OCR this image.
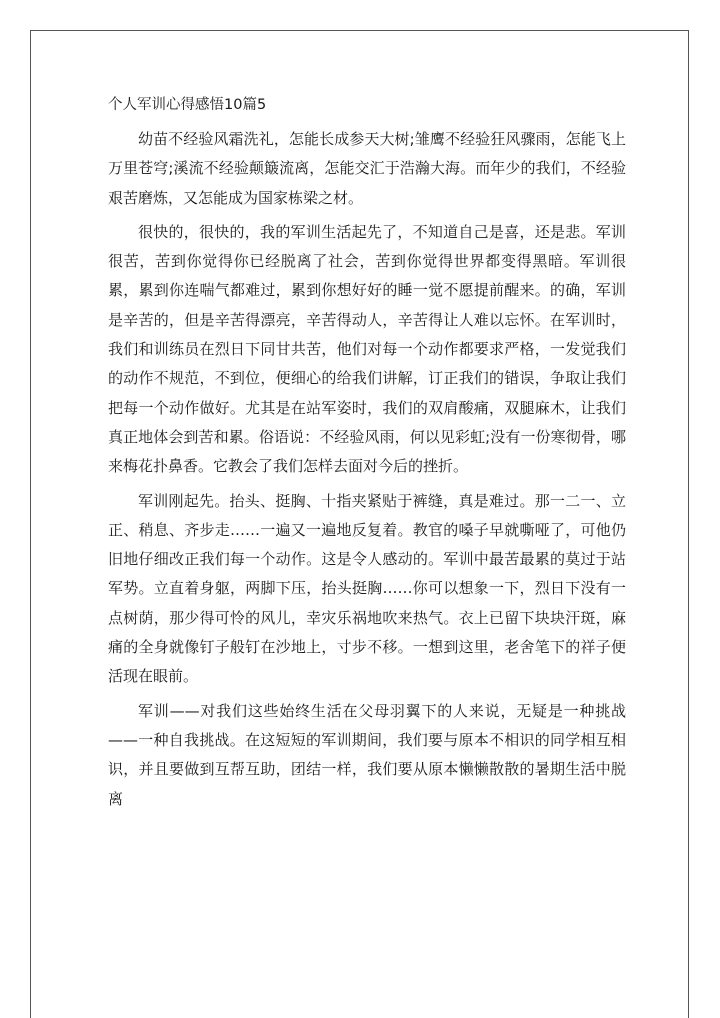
个人军训心得感悟10篇5

幼苗不经验风霜洗礼，怎能长成参天大树;雏鹰不经验狂风骤雨，怎能飞上万里苍穹;溪流不经验颠簸流离，怎能交汇于浩瀚大海。而年少的我们，不经验艰苦磨炼，又怎能成为国家栋梁之材。

很快的，很快的，我的军训生活起先了，不知道自己是喜，还是悲。军训很苦，苦到你觉得你已经脱离了社会，苦到你觉得世界都变得黑暗。军训很累，累到你连喘气都难过，累到你想好好的睡一觉不愿提前醒来。的确，军训是辛苦的，但是辛苦得漂亮，辛苦得动人，辛苦得让人难以忘怀。在军训时，我们和训练员在烈日下同甘共苦，他们对每一个动作都要求严格，一发觉我们的动作不规范，不到位，便细心的给我们讲解，订正我们的错误，争取让我们把每一个动作做好。尤其是在站军姿时，我们的双肩酸痛，双腿麻木，让我们真正地体会到苦和累。俗语说：不经验风雨，何以见彩虹;没有一份寒彻骨，哪来梅花扑鼻香。它教会了我们怎样去面对今后的挫折。

军训刚起先。抬头、挺胸、十指夹紧贴于裤缝，真是难过。那一二一、立正、稍息、齐步走……一遍又一遍地反复着。教官的嗓子早就嘶哑了，可他仍旧地仔细改正我们每一个动作。这是令人感动的。军训中最苦最累的莫过于站军势。立直着身躯，两脚下压，抬头挺胸……你可以想象一下，烈日下没有一点树荫，那少得可怜的风儿，幸灾乐祸地吹来热气。衣上已留下块块汗斑，麻痛的全身就像钉子般钉在沙地上，寸步不移。一想到这里，老舍笔下的祥子便活现在眼前。

军训——对我们这些始终生活在父母羽翼下的人来说，无疑是一种挑战——一种自我挑战。在这短短的军训期间，我们要与原本不相识的同学相互相识，并且要做到互帮互助，团结一样，我们要从原本懒懒散散的暑期生活中脱离
